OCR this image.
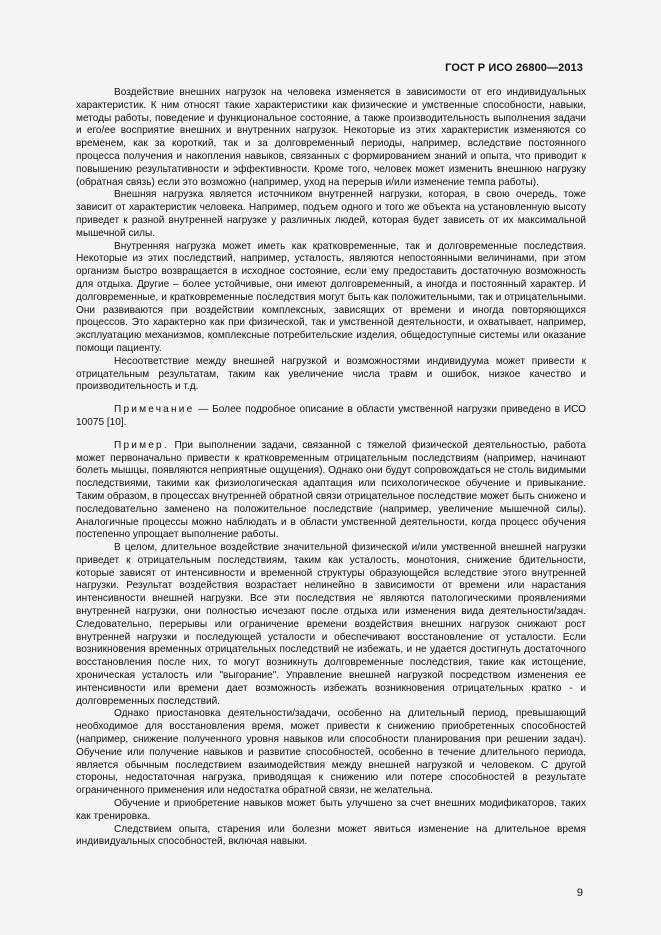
ГОСТ Р ИСО 26800—2013

Воздействие внешних нагрузок на человека изменяется в зависимости от его индивидуальных характеристик. К ним относят такие характеристики как физические и умственные способности, навыки, методы работы, поведение и функциональное состояние, а также производительность выполнения задачи и его/ее восприятие внешних и внутренних нагрузок. Некоторые из этих характеристик изменяются со временем, как за короткий, так и за долговременный периоды, например, вследствие постоянного процесса получения и накопления навыков, связанных с формированием знаний и опыта, что приводит к повышению результативности и эффективности. Кроме того, человек может изменить внешнюю нагрузку (обратная связь) если это возможно (например, уход на перерыв и/или изменение темпа работы).

Внешняя нагрузка является источником внутренней нагрузки, которая, в свою очередь, тоже зависит от характеристик человека. Например, подъем одного и того же объекта на установленную высоту приведет к разной внутренней нагрузке у различных людей, которая будет зависеть от их максимальной мышечной силы.

Внутренняя нагрузка может иметь как кратковременные, так и долговременные последствия. Некоторые из этих последствий, например, усталость, являются непостоянными величинами, при этом организм быстро возвращается в исходное состояние, если ему предоставить достаточную возможность для отдыха. Другие – более устойчивые, они имеют долговременный, а иногда и постоянный характер. И долговременные, и кратковременные последствия могут быть как положительными, так и отрицательными. Они развиваются при воздействии комплексных, зависящих от времени и иногда повторяющихся процессов. Это характерно как при физической, так и умственной деятельности, и охватывает, например, эксплуатацию механизмов, комплексные потребительские изделия, общедоступные системы или оказание помощи пациенту.

Несоответствие между внешней нагрузкой и возможностями индивидуума может привести к отрицательным результатам, таким как увеличение числа травм и ошибок, низкое качество и производительность и т.д.

Примечание — Более подробное описание в области умственной нагрузки приведено в ИСО 10075 [10].

Пример. При выполнении задачи, связанной с тяжелой физической деятельностью, работа может первоначально привести к кратковременным отрицательным последствиям (например, начинают болеть мышцы, появляются неприятные ощущения). Однако они будут сопровождаться не столь видимыми последствиями, такими как физиологическая адаптация или психологическое обучение и привыкание. Таким образом, в процессах внутренней обратной связи отрицательное последствие может быть снижено и последовательно заменено на положительное последствие (например, увеличение мышечной силы). Аналогичные процессы можно наблюдать и в области умственной деятельности, когда процесс обучения постепенно упрощает выполнение работы.

В целом, длительное воздействие значительной физической и/или умственной внешней нагрузки приведет к отрицательным последствиям, таким как усталость, монотония, снижение бдительности, которые зависят от интенсивности и временной структуры образующейся вследствие этого внутренней нагрузки. Результат воздействия возрастает нелинейно в зависимости от времени или нарастания интенсивности внешней нагрузки. Все эти последствия не являются патологическими проявлениями внутренней нагрузки, они полностью исчезают после отдыха или изменения вида деятельности/задач. Следовательно, перерывы или ограничение времени воздействия внешних нагрузок снижают рост внутренней нагрузки и последующей усталости и обеспечивают восстановление от усталости. Если возникновения временных отрицательных последствий не избежать, и не удается достигнуть достаточного восстановления после них, то могут возникнуть долговременные последствия, такие как истощение, хроническая усталость или "выгорание". Управление внешней нагрузкой посредством изменения ее интенсивности или времени дает возможность избежать возникновения отрицательных кратко - и долговременных последствий.

Однако приостановка деятельности/задачи, особенно на длительный период, превышающий необходимое для восстановления время, может привести к снижению приобретенных способностей (например, снижение полученного уровня навыков или способности планирования при решении задач). Обучение или получение навыков и развитие способностей, особенно в течение длительного периода, является обычным последствием взаимодействия между внешней нагрузкой и человеком. С другой стороны, недостаточная нагрузка, приводящая к снижению или потере способностей в результате ограниченного применения или недостатка обратной связи, не желательна.

Обучение и приобретение навыков может быть улучшено за счет внешних модификаторов, таких как тренировка.

Следствием опыта, старения или болезни может явиться изменение на длительное время индивидуальных способностей, включая навыки.

9
